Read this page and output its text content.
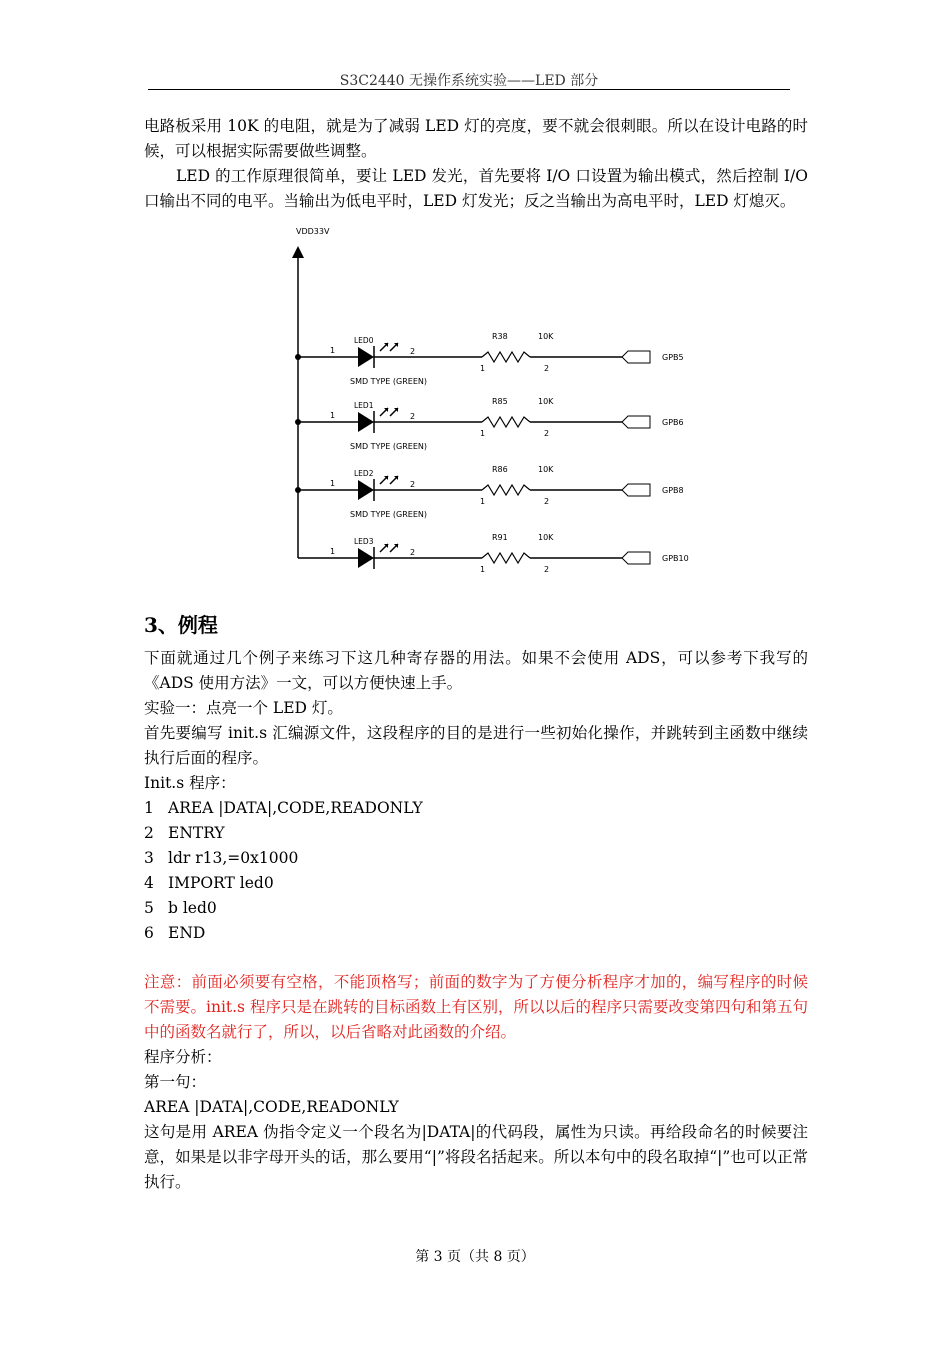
S3C2440 无操作系统实验——LED 部分

电路板采用 10K 的电阻，就是为了减弱 LED 灯的亮度，要不就会很刺眼。所以在设计电路的时候，可以根据实际需要做些调整。

LED 的工作原理很简单，要让 LED 发光，首先要将 I/O 口设置为输出模式，然后控制 I/O 口输出不同的电平。当输出为低电平时，LED 灯发光；反之当输出为高电平时，LED 灯熄灭。

VDD33V
1
LED0
2
R38	10K
1	2
GPB5
SMD TYPE (GREEN)
1
LED1
2
R85	10K
1	2
GPB6
SMD TYPE (GREEN)
1
LED2
2
R86	10K
1	2
GPB8
SMD TYPE (GREEN)
1
LED3
2
R91	10K
1	2
GPB10
3、例程

下面就通过几个例子来练习下这几种寄存器的用法。如果不会使用 ADS，可以参考下我写的《ADS 使用方法》一文，可以方便快速上手。

实验一：点亮一个 LED 灯。

首先要编写 init.s 汇编源文件，这段程序的目的是进行一些初始化操作，并跳转到主函数中继续执行后面的程序。

Init.s 程序：

1 AREA |DATA|,CODE,READONLY
2 ENTRY
3 ldr r13,=0x1000
4 IMPORT led0
5 b led0
6 END

注意：前面必须要有空格，不能顶格写；前面的数字为了方便分析程序才加的，编写程序的时候不需要。init.s 程序只是在跳转的目标函数上有区别，所以以后的程序只需要改变第四句和第五句中的函数名就行了，所以，以后省略对此函数的介绍。

程序分析：

第一句：

AREA |DATA|,CODE,READONLY

这句是用 AREA 伪指令定义一个段名为|DATA|的代码段，属性为只读。再给段命名的时候要注意，如果是以非字母开头的话，那么要用“|”将段名括起来。所以本句中的段名取掉“|”也可以正常执行。

第 3 页（共 8 页）
